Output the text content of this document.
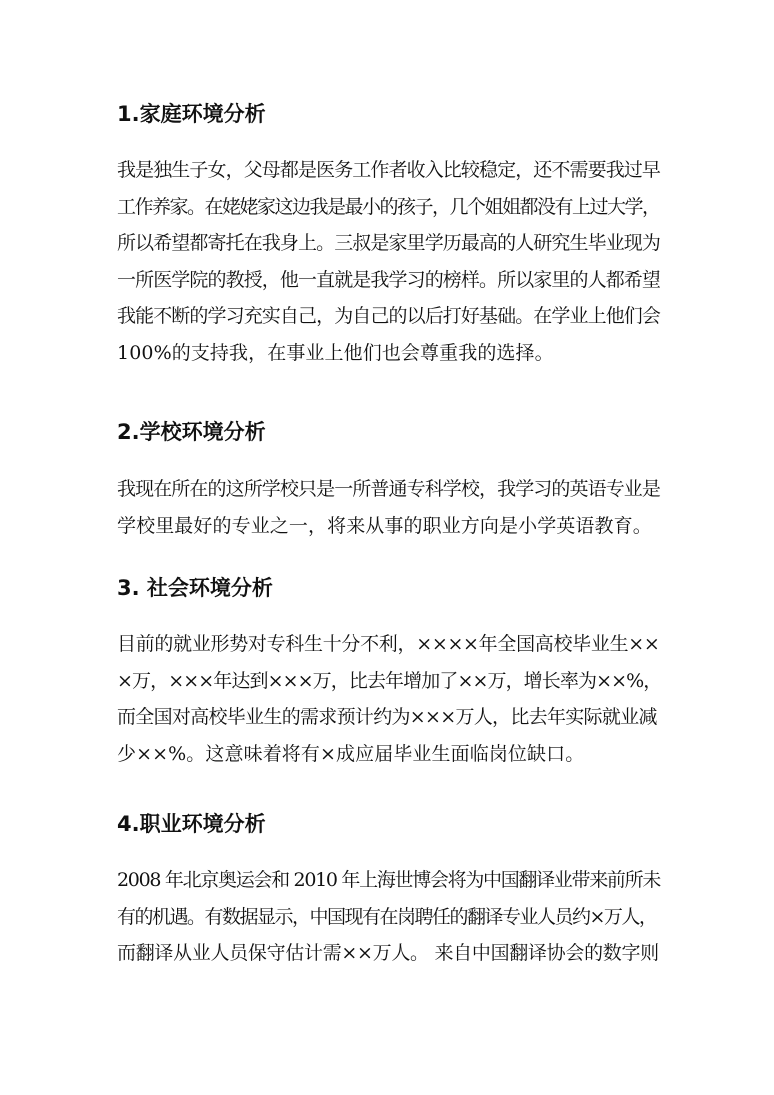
1.家庭环境分析
我是独生子女，父母都是医务工作者收入比较稳定，还不需要我过早
工作养家。在姥姥家这边我是最小的孩子，几个姐姐都没有上过大学，
所以希望都寄托在我身上。三叔是家里学历最高的人研究生毕业现为
一所医学院的教授，他一直就是我学习的榜样。所以家里的人都希望
我能不断的学习充实自己，为自己的以后打好基础。在学业上他们会
100%的支持我，在事业上他们也会尊重我的选择。
2.学校环境分析
我现在所在的这所学校只是一所普通专科学校，我学习的英语专业是
学校里最好的专业之一，将来从事的职业方向是小学英语教育。
3. 社会环境分析
目前的就业形势对专科生十分不利，××××年全国高校毕业生××
×万，×××年达到×××万，比去年增加了××万，增长率为××%，
而全国对高校毕业生的需求预计约为×××万人，比去年实际就业减
少××%。这意味着将有×成应届毕业生面临岗位缺口。
4.职业环境分析
2008 年北京奥运会和 2010 年上海世博会将为中国翻译业带来前所未
有的机遇。有数据显示，中国现有在岗聘任的翻译专业人员约×万人，
而翻译从业人员保守估计需××万人。 来自中国翻译协会的数字则
